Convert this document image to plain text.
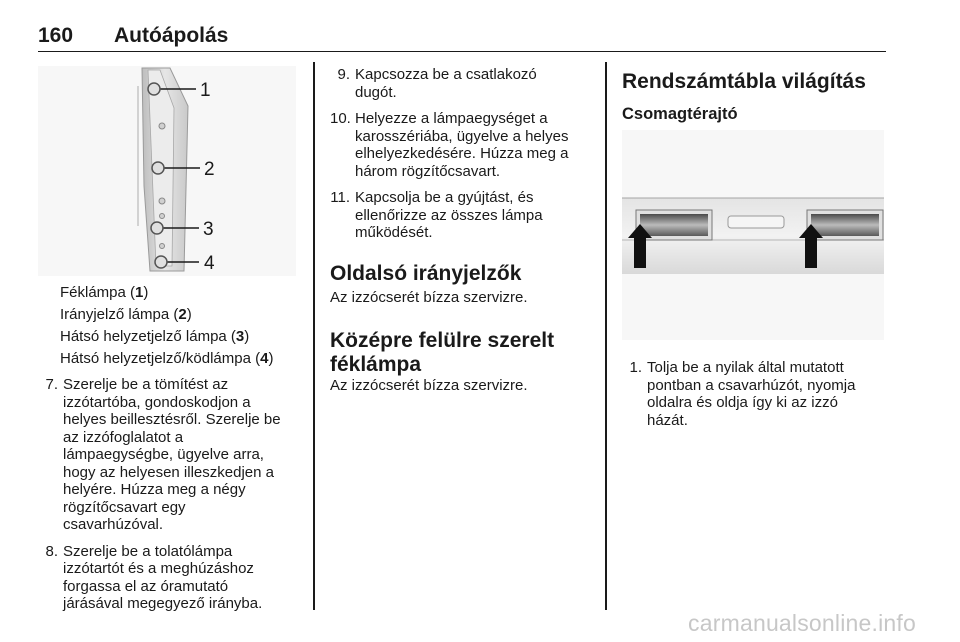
160 Autóápolás
1
2
3
4
Féklámpa (1)
Irányjelző lámpa (2)
Hátsó helyzetjelző lámpa (3)
Hátsó helyzetjelző/ködlámpa (4)
7. Szerelje be a tömítést az
izzótartóba, gondoskodjon a
helyes beillesztésről. Szerelje be
az izzófoglalatot a
lámpaegységbe, ügyelve arra,
hogy az helyesen illeszkedjen a
helyére. Húzza meg a négy
rögzítőcsavart egy
csavarhúzóval.
8. Szerelje be a tolatólámpa
izzótartót és a meghúzáshoz
forgassa el az óramutató
járásával megegyező irányba.
9. Kapcsozza be a csatlakozó
dugót.
10. Helyezze a lámpaegységet a
karosszériába, ügyelve a helyes
elhelyezkedésére. Húzza meg a
három rögzítőcsavart.
11. Kapcsolja be a gyújtást, és
ellenőrizze az összes lámpa
működését.
Oldalsó irányjelzők
Az izzócserét bízza szervizre.
Középre felülre szerelt
féklámpa
Az izzócserét bízza szervizre.
Rendszámtábla világítás
Csomagtérajtó
1. Tolja be a nyilak által mutatott
pontban a csavarhúzót, nyomja
oldalra és oldja így ki az izzó
házát.
carmanualsonline.info
